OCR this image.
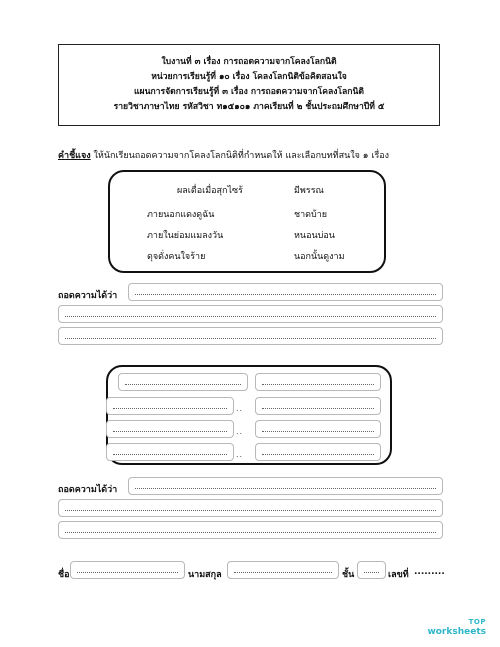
ใบงานที่ ๓ เรื่อง การถอดความจากโคลงโลกนิติ
หน่วยการเรียนรู้ที่ ๑๐ เรื่อง โคลงโลกนิติข้อคิดสอนใจ
แผนการจัดการเรียนรู้ที่ ๓ เรื่อง การถอดความจากโคลงโลกนิติ
รายวิชาภาษาไทย รหัสวิชา ท๑๕๑๐๑ ภาคเรียนที่ ๒ ชั้นประถมศึกษาปีที่ ๕
คำชี้แจง ให้นักเรียนถอดความจากโคลงโลกนิติที่กำหนดให้ และเลือกบทที่สนใจ ๑ เรื่อง
ผลเดื่อเมื่อสุกไซร้	มีพรรณ
ภายนอกแดงดูฉัน	ชาดบ้าย
ภายในย่อมแมลงวัน	หนอนบ่อน
ดุจดั่งคนใจร้าย	นอกนั้นดูงาม
ถอดความได้ว่า
..
..
..
ถอดความได้ว่า
ชื่อ	นามสกุล	ชั้น	เลขที่ .........
TOP
worksheets
